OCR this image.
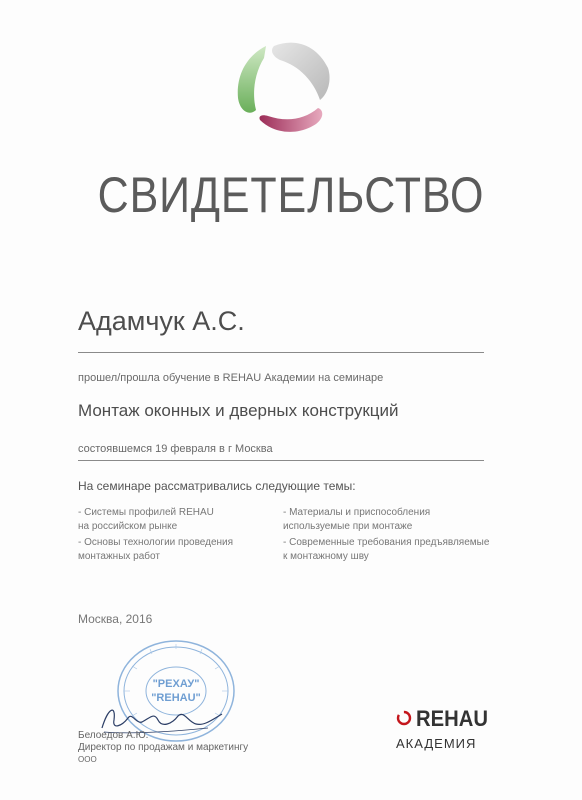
СВИДЕТЕЛЬСТВО
Адамчук А.С.
прошел/прошла обучение в REHAU Академии на семинаре
Монтаж оконных и дверных конструкций
состоявшемся 19 февраля в г Москва
На семинаре рассматривались следующие темы:
- Системы профилей REHAU
на российском рынке
- Основы технологии проведения
монтажных работ
- Материалы и приспособления
используемые при монтаже
- Современные требования предъявляемые
к монтажному шву
Москва, 2016
"РЕХАУ"
"REHAU"
Белоедов А.Ю.
Директор по продажам и маркетингу
ООО
REHAU
АКАДЕМИЯ
